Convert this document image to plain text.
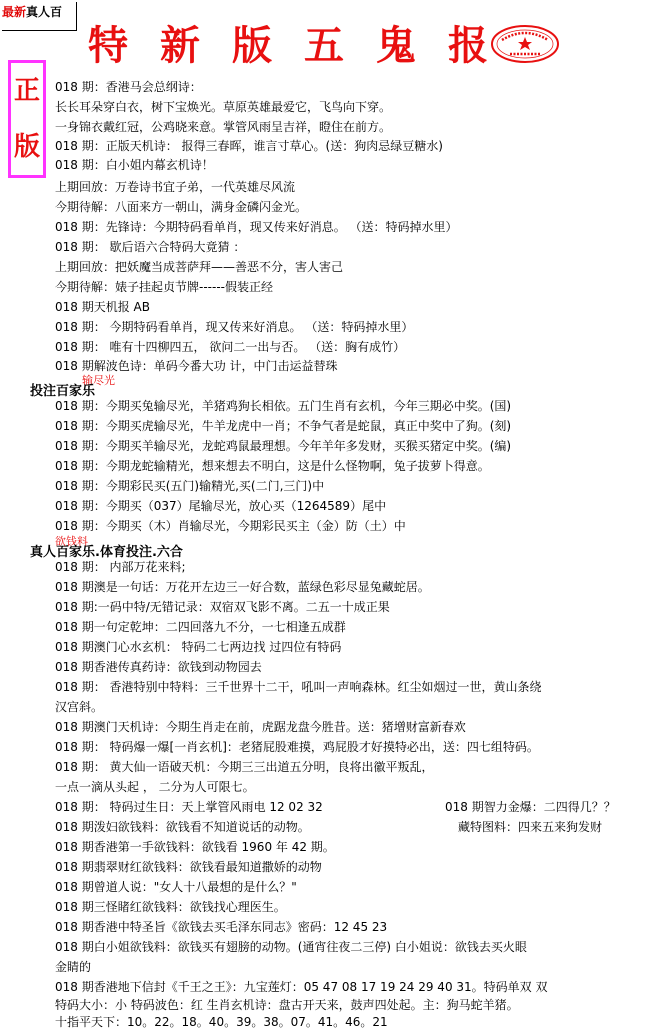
最新真人百
特 新 版 五 鬼 报
正
版
018 期：香港马会总纲诗：
长长耳朵穿白衣，树下宝焕光。草原英雄最爱它，飞鸟向下穿。
一身锦衣戴红冠，公鸡晓来意。掌管风雨呈吉祥，瞪住在前方。
018 期：正版天机诗： 报得三春晖，谁言寸草心。(送：狗肉忌绿豆糖水)
018 期：白小姐内幕玄机诗！
上期回放：万卷诗书宜子弟，一代英雄尽风流
今期待解：八面来方一朝山，满身金磷闪金光。
018 期：先锋诗：今期特码看单肖，现又传来好消息。 （送：特码掉水里）
018 期： 歇后语六合特码大竟猜 ：
上期回放：把妖魔当成菩萨拜——善恶不分，害人害己
今期待解：婊子挂起贞节牌------假装正经
018 期天机报 AB
018 期： 今期特码看单肖，现又传来好消息。 （送：特码掉水里）
018 期： 唯有十四柳四五， 欲问二一出与否。 （送：胸有成竹）
018 期解波色诗：单码今番大功 计，中门击运益替珠
输尽光
投注百家乐
018 期：今期买兔输尽光，羊猪鸡狗长相依。五门生肖有玄机，今年三期必中奖。(国)
018 期：今期买虎输尽光，牛羊龙虎中一肖；不争气者是蛇鼠，真正中奖中了狗。(刻)
018 期：今期买羊输尽光，龙蛇鸡鼠最理想。今年羊年多发财，买猴买猪定中奖。(编)
018 期：今期龙蛇输精光，想来想去不明白，这是什么怪物啊，兔子拔萝卜得意。
018 期：今期彩民买(五门)输精光,买(二门,三门)中
018 期：今期买（037）尾输尽光，放心买（1264589）尾中
018 期：今期买（木）肖输尽光，今期彩民买主（金）防（土）中
欲钱料
真人百家乐.体育投注.六合
018 期： 内部万花来料;
018 期澳是一句话：万花开左边三一好合数，蓝绿色彩尽显兔藏蛇居。
018 期:一码中特/无错记录：双宿双飞影不离。二五一十成正果
018 期一句定乾坤：二四回落九不分，一七相逢五成群
018 期澳门心水玄机： 特码二七两边找 过四位有特码
018 期香港传真药诗：欲钱到动物园去
018 期： 香港特别中特料：三千世界十二干，吼叫一声响森林。红尘如烟过一世，黄山条绕
汉宫斜。
018 期澳门天机诗：今期生肖走在前，虎踞龙盘今胜昔。送：猪增财富新春欢
018 期： 特码爆一爆[一肖玄机]：老猪屁股难摸，鸡屁股才好摸特必出，送：四七组特码。
018 期： 黄大仙一语破天机：今期三三出道五分明，良将出徽平叛乱，
一点一滴从头起 ， 二分为人可限七。
018 期： 特码过生日：天上掌管风雨电 12 02 32	018 期智力金爆：二四得几？？
018 期泼妇欲钱料：欲钱看不知道说话的动物。	藏特图料：四来五来狗发财
018 期香港第一手欲钱料：欲钱看 1960 年 42 期。
018 期翡翠财红欲钱料：欲钱看最知道撒娇的动物
018 期曾道人说："女人十八最想的是什么？"
018 期三怪睹红欲钱料：欲钱找心理医生。
018 期香港中特圣旨《欲钱去买毛泽东同志》密码：12 45 23
018 期白小姐欲钱料：欲钱买有翅膀的动物。(通宵往夜二三停) 白小姐说：欲钱去买火眼
金睛的
018 期香港地下信封《千王之王》：九宝莲灯：05 47 08 17 19 24 29 40 31。特码单双 双
特码大小：小 特码波色：红 生肖玄机诗：盘古开天来，鼓声四处起。主：狗马蛇羊猪。
十指平天下：10。22。18。40。39。38。07。41。46。21
